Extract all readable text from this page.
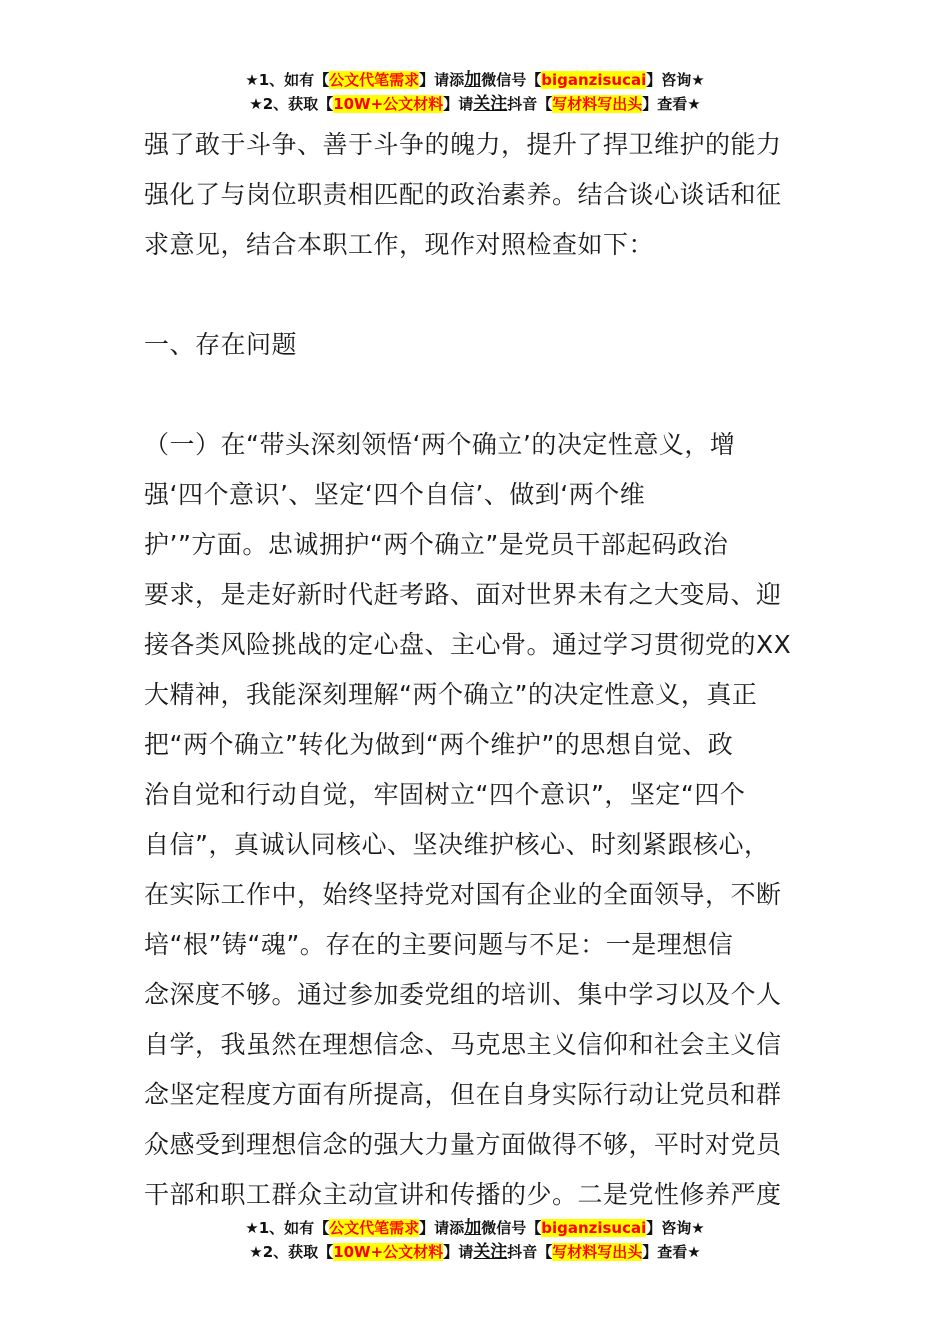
★1、如有【公文代笔需求】请添加微信号【biganzisucai】咨询★
★2、获取【10W+公文材料】请关注抖音【写材料写出头】查看★

强了敢于斗争、善于斗争的魄力，提升了捍卫维护的能力

强化了与岗位职责相匹配的政治素养。结合谈心谈话和征

求意见，结合本职工作，现作对照检查如下：

一、存在问题

（一）在“带头深刻领悟‘两个确立’的决定性意义，增

强‘四个意识’、坚定‘四个自信’、做到‘两个维

护’”方面。忠诚拥护“两个确立”是党员干部起码政治

要求，是走好新时代赶考路、面对世界未有之大变局、迎

接各类风险挑战的定心盘、主心骨。通过学习贯彻党的XX

大精神，我能深刻理解“两个确立”的决定性意义，真正

把“两个确立”转化为做到“两个维护”的思想自觉、政

治自觉和行动自觉，牢固树立“四个意识”，坚定“四个

自信”，真诚认同核心、坚决维护核心、时刻紧跟核心，

在实际工作中，始终坚持党对国有企业的全面领导，不断

培“根”铸“魂”。存在的主要问题与不足：一是理想信

念深度不够。通过参加委党组的培训、集中学习以及个人

自学，我虽然在理想信念、马克思主义信仰和社会主义信

念坚定程度方面有所提高，但在自身实际行动让党员和群

众感受到理想信念的强大力量方面做得不够，平时对党员

干部和职工群众主动宣讲和传播的少。二是党性修养严度

★1、如有【公文代笔需求】请添加微信号【biganzisucai】咨询★
★2、获取【10W+公文材料】请关注抖音【写材料写出头】查看★
